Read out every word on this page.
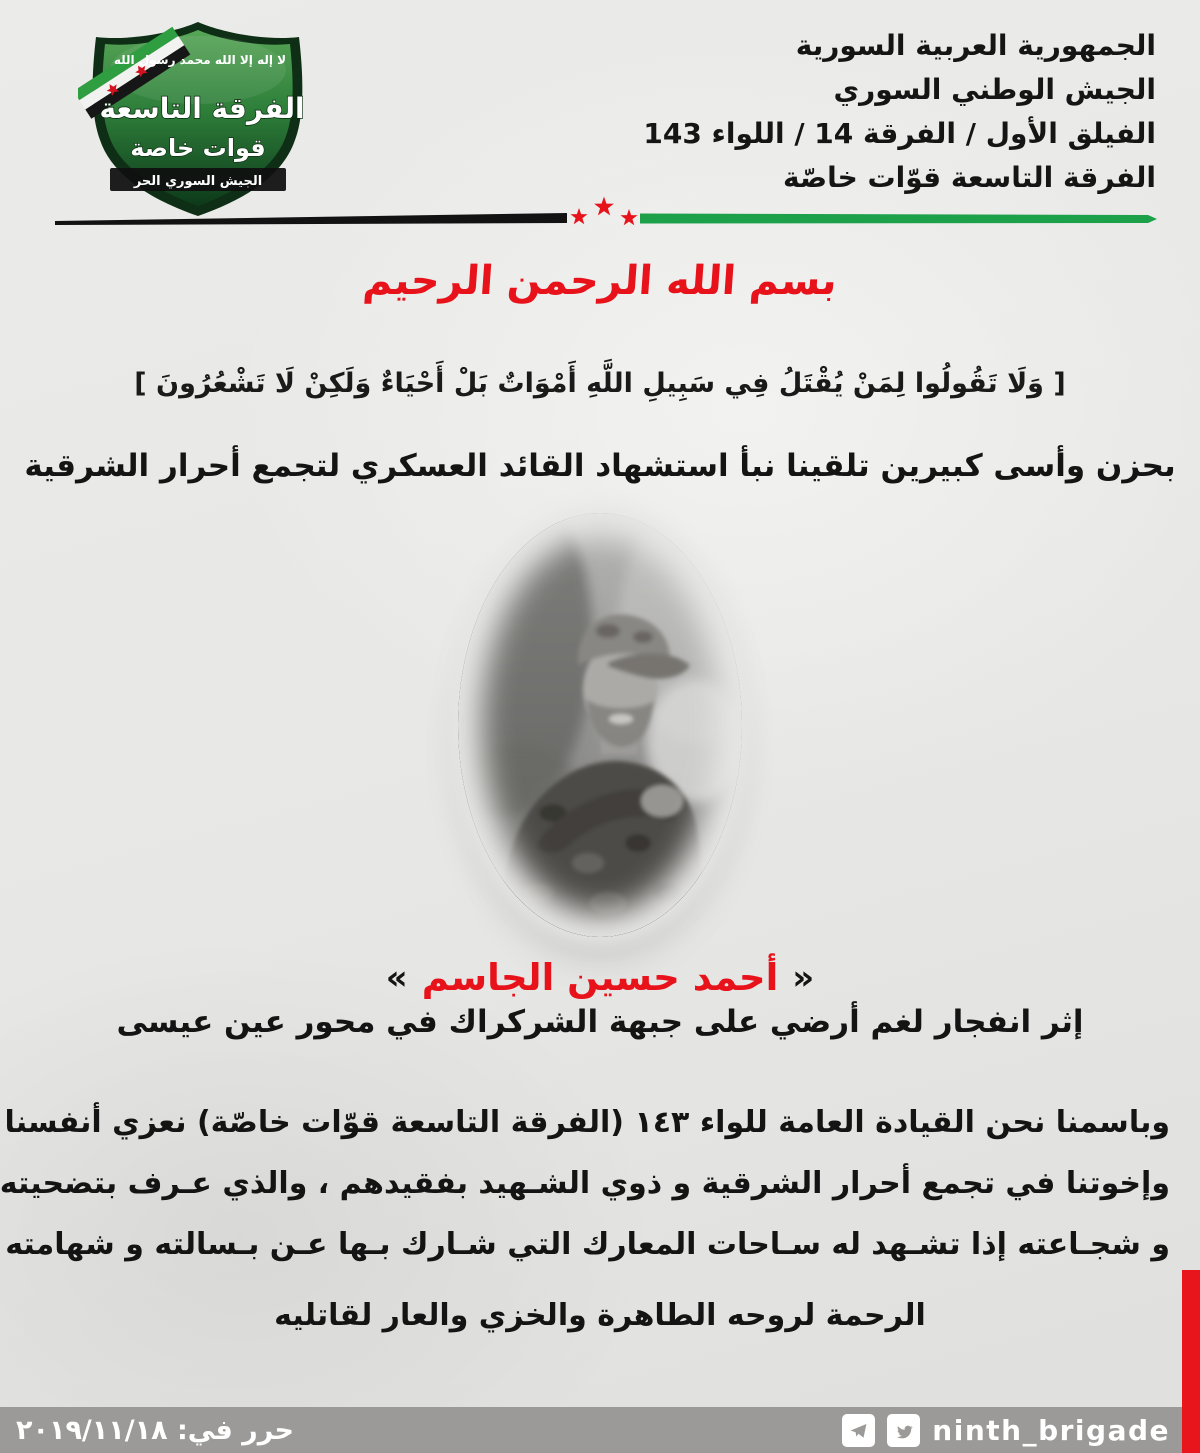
الجمهورية العربية السورية
الجيش الوطني السوري
الفيلق الأول / الفرقة 14 / اللواء 143
الفرقة التاسعة قوّات خاصّة
لا إله إلا الله محمد رسول الله
الفرقة التاسعة
قوات خاصة
الجيش السوري الحر
بسم الله الرحمن الرحيم
[ وَلَا تَقُولُوا لِمَنْ يُقْتَلُ فِي سَبِيلِ اللَّهِ أَمْوَاتٌ بَلْ أَحْيَاءٌ وَلَكِنْ لَا تَشْعُرُونَ ]
بحزن وأسى كبيرين تلقينا نبأ استشهاد القائد العسكري لتجمع أحرار الشرقية
« أحمد حسين الجاسم »
إثر انفجار لغم أرضي على جبهة الشركراك في محور عين عيسى
وباسمنا نحن القيادة العامة للواء ١٤٣ (الفرقة التاسعة قوّات خاصّة) نعزي أنفسنا
وإخوتنا في تجمع أحرار الشرقية و ذوي الشـهيد بفقيدهم ، والذي عـرف بتضحيته
و شجـاعته إذا تشـهد له سـاحات المعارك التي شـارك بـها عـن بـسالته و شهامته
الرحمة لروحه الطاهرة والخزي والعار لقاتليه
حرر في: ٢٠١٩/١١/١٨	ninth_brigade
